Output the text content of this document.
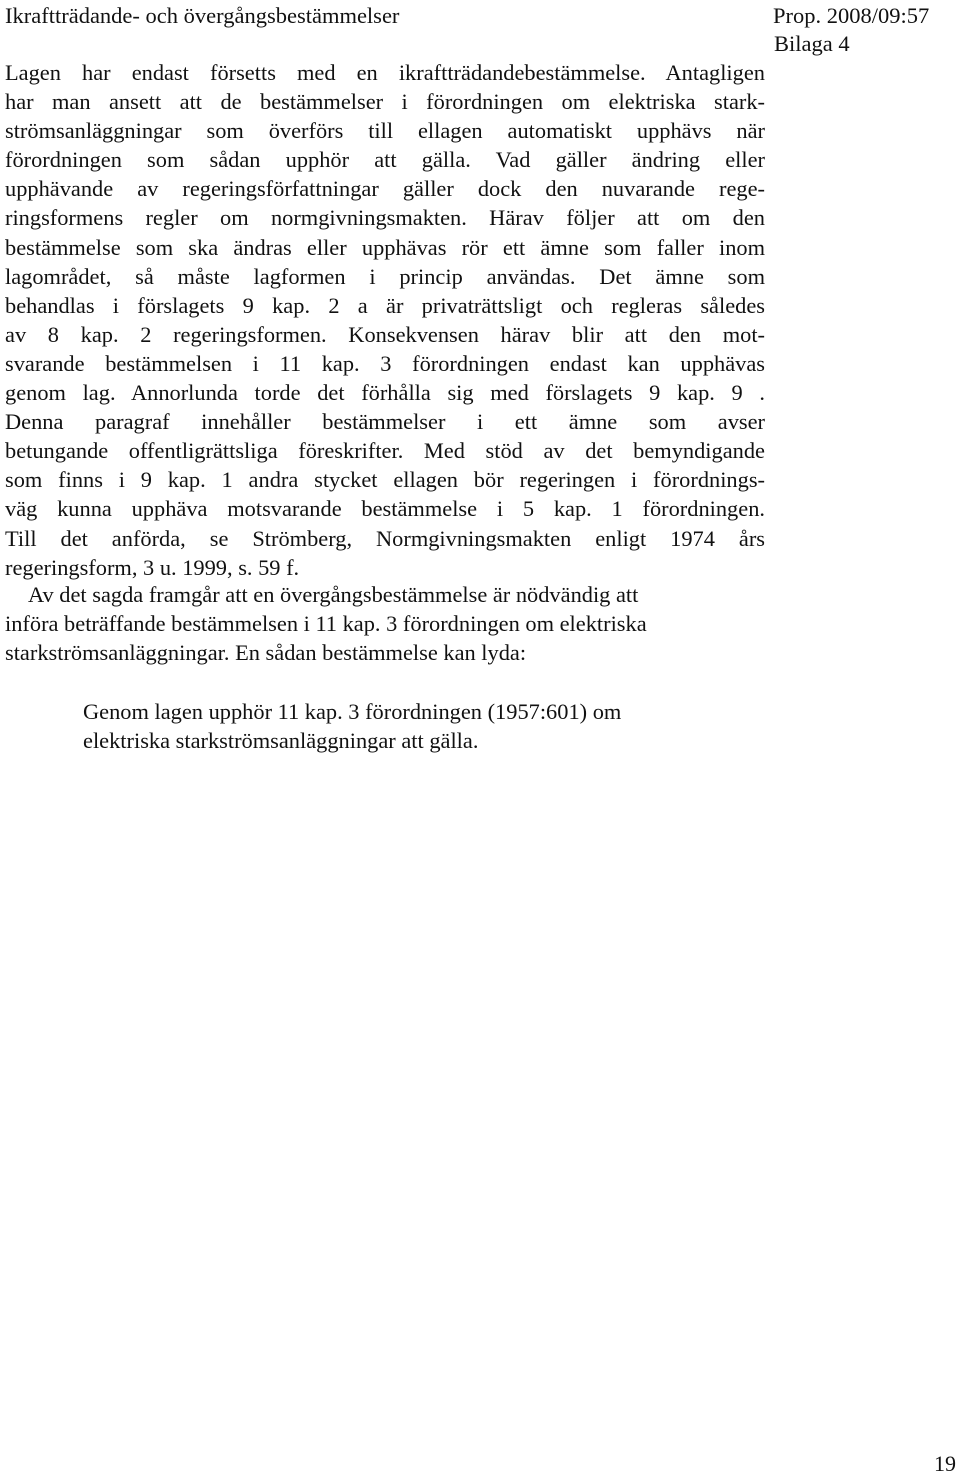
Ikraftträdande- och övergångsbestämmelser	Prop. 2008/09:57
Bilaga 4
Lagen har endast försetts med en ikraftträdandebestämmelse. Antagligen
har man ansett att de bestämmelser i förordningen om elektriska stark-
strömsanläggningar som överförs till ellagen automatiskt upphävs när
förordningen som sådan upphör att gälla. Vad gäller ändring eller
upphävande av regeringsförfattningar gäller dock den nuvarande rege-
ringsformens regler om normgivningsmakten. Härav följer att om den
bestämmelse som ska ändras eller upphävas rör ett ämne som faller inom
lagområdet, så måste lagformen i princip användas. Det ämne som
behandlas i förslagets 9 kap. 2 a är privaträttsligt och regleras således
av 8 kap. 2 regeringsformen. Konsekvensen härav blir att den mot-
svarande bestämmelsen i 11 kap. 3 förordningen endast kan upphävas
genom lag. Annorlunda torde det förhålla sig med förslagets 9 kap. 9 .
Denna paragraf innehåller bestämmelser i ett ämne som avser
betungande offentligrättsliga föreskrifter. Med stöd av det bemyndigande
som finns i 9 kap. 1 andra stycket ellagen bör regeringen i förordnings-
väg kunna upphäva motsvarande bestämmelse i 5 kap. 1 förordningen.
Till det anförda, se Strömberg, Normgivningsmakten enligt 1974 års
regeringsform, 3 u. 1999, s. 59 f.
Av det sagda framgår att en övergångsbestämmelse är nödvändig att
införa beträffande bestämmelsen i 11 kap. 3 förordningen om elektriska
starkströmsanläggningar. En sådan bestämmelse kan lyda:
Genom lagen upphör 11 kap. 3 förordningen (1957:601) om
elektriska starkströmsanläggningar att gälla.
19
